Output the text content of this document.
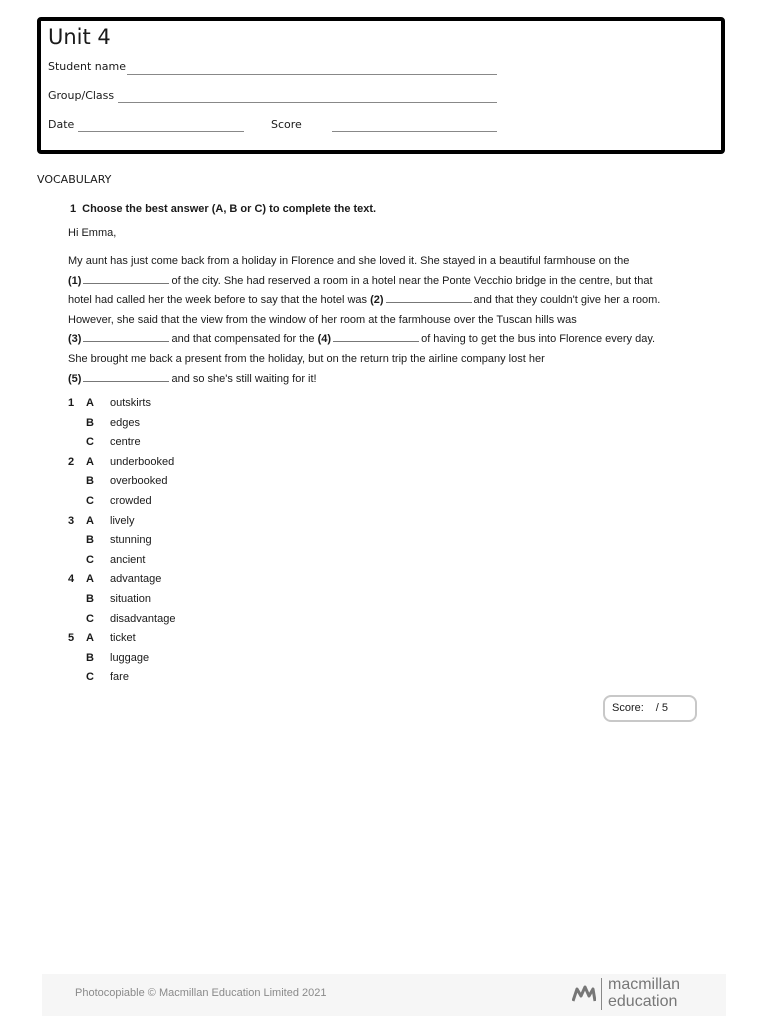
Unit 4
Student name
Group/Class
Date	Score
VOCABULARY
1 Choose the best answer (A, B or C) to complete the text.
Hi Emma,
My aunt has just come back from a holiday in Florence and she loved it. She stayed in a beautiful farmhouse on the
(1)	of the city. She had reserved a room in a hotel near the Ponte Vecchio bridge in the centre, but that
hotel had called her the week before to say that the hotel was (2)	and that they couldn't give her a room.
However, she said that the view from the window of her room at the farmhouse over the Tuscan hills was
(3)	and that compensated for the (4)	of having to get the bus into Florence every day.
She brought me back a present from the holiday, but on the return trip the airline company lost her
(5)	and so she's still waiting for it!
1	A	outskirts
B	edges
C	centre
2	A	underbooked
B	overbooked
C	crowded
3	A	lively
B	stunning
C	ancient
4	A	advantage
B	situation
C	disadvantage
5	A	ticket
B	luggage
C	fare
Score: / 5
Photocopiable © Macmillan Education Limited 2021	macmillan
education
